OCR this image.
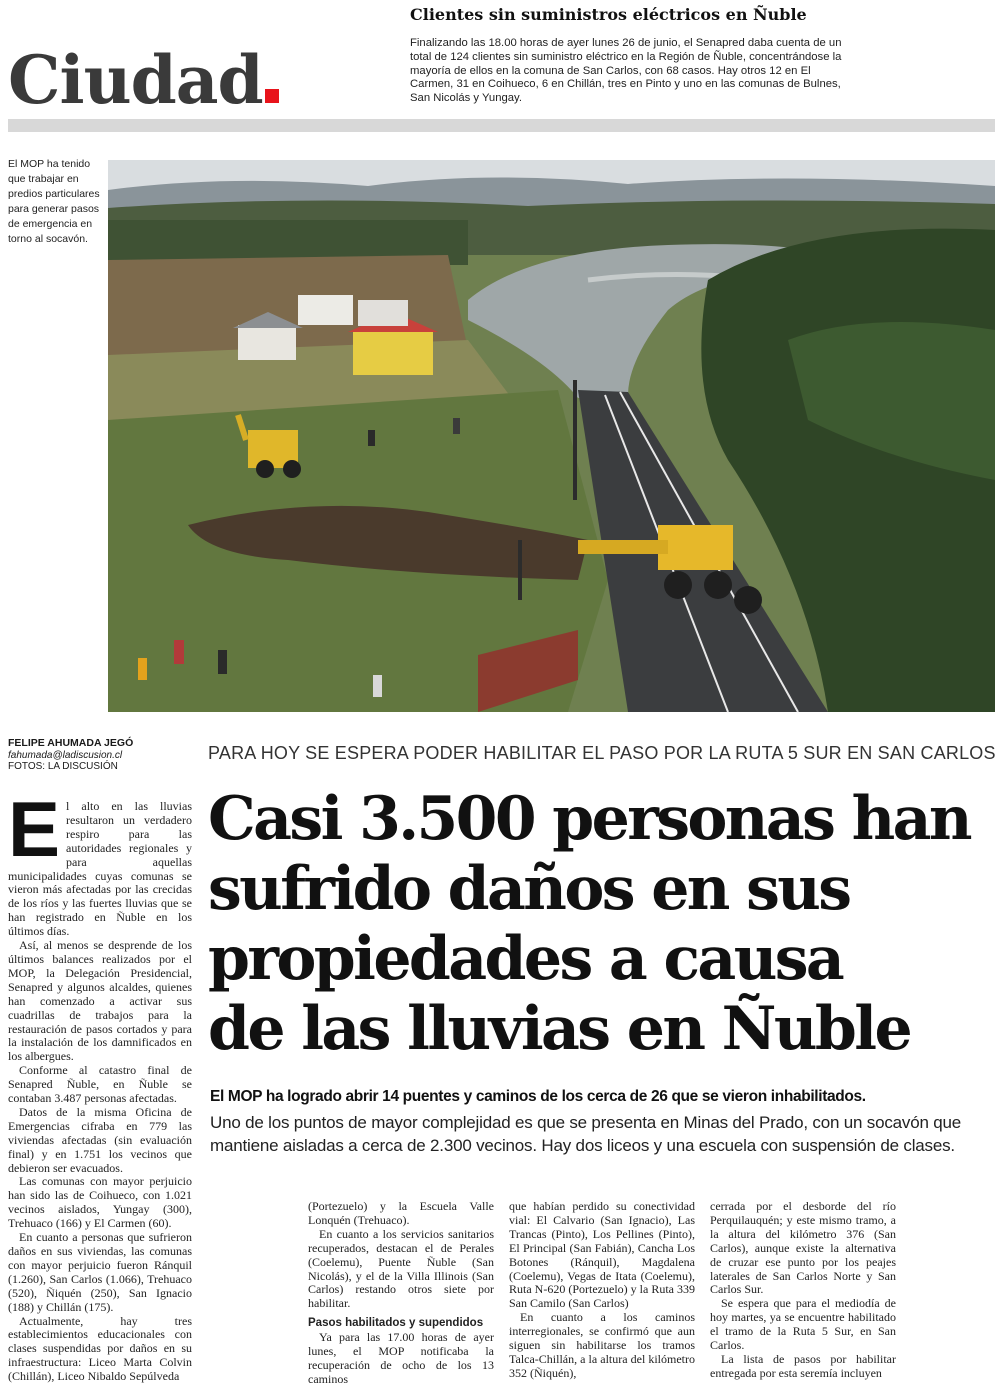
Ciudad
Clientes sin suministros eléctricos en Ñuble
Finalizando las 18.00 horas de ayer lunes 26 de junio, el Senapred daba cuenta de un total de 124 clientes sin suministro eléctrico en la Región de Ñuble, concentrándose la mayoría de ellos en la comuna de San Carlos, con 68 casos. Hay otros 12 en El Carmen, 31 en Coihueco, 6 en Chillán, tres en Pinto y uno en las comunas de Bulnes, San Nicolás y Yungay.
El MOP ha tenido que trabajar en predios particulares para generar pasos de emergencia en torno al socavón.
FELIPE AHUMADA JEGÓ
fahumada@ladiscusion.cl
FOTOS: LA DISCUSIÓN
PARA HOY SE ESPERA PODER HABILITAR EL PASO POR LA RUTA 5 SUR EN SAN CARLOS
Casi 3.500 personas han
sufrido daños en sus
propiedades a causa
de las lluvias en Ñuble
El MOP ha logrado abrir 14 puentes y caminos de los cerca de 26 que se vieron inhabilitados.
Uno de los puntos de mayor complejidad es que se presenta en Minas del Prado, con un socavón que mantiene aisladas a cerca de 2.300 vecinos. Hay dos liceos y una escuela con suspensión de clases.
E l alto en las lluvias resultaron un verdadero respiro para las autoridades regionales y para aquellas municipalidades cuyas comunas se vieron más afectadas por las crecidas de los ríos y las fuertes lluvias que se han registrado en Ñuble en los últimos días.

Así, al menos se desprende de los últimos balances realizados por el MOP, la Delegación Presidencial, Senapred y algunos alcaldes, quienes han comenzado a activar sus cuadrillas de trabajos para la restauración de pasos cortados y para la instalación de los damnificados en los albergues.

Conforme al catastro final de Senapred Ñuble, en Ñuble se contaban 3.487 personas afectadas.

Datos de la misma Oficina de Emergencias cifraba en 779 las viviendas afectadas (sin evaluación final) y en 1.751 los vecinos que debieron ser evacuados.

Las comunas con mayor perjuicio han sido las de Coihueco, con 1.021 vecinos aislados, Yungay (300), Trehuaco (166) y El Carmen (60).

En cuanto a personas que sufrieron daños en sus viviendas, las comunas con mayor perjuicio fueron Ránquil (1.260), San Carlos (1.066), Trehuaco (520), Ñiquén (250), San Ignacio (188) y Chillán (175).

Actualmente, hay tres establecimientos educacionales con clases suspendidas por daños en su infraestructura: Liceo Marta Colvin (Chillán), Liceo Nibaldo Sepúlveda

(Portezuelo) y la Escuela Valle Lonquén (Trehuaco).

En cuanto a los servicios sanitarios recuperados, destacan el de Perales (Coelemu), Puente Ñuble (San Nicolás), y el de la Villa Illinois (San Carlos) restando otros siete por habilitar.

Pasos habilitados y supendidos

Ya para las 17.00 horas de ayer lunes, el MOP notificaba la recuperación de ocho de los 13 caminos

que habían perdido su conectividad vial: El Calvario (San Ignacio), Las Trancas (Pinto), Los Pellines (Pinto), El Principal (San Fabián), Cancha Los Botones (Ránquil), Magdalena (Coelemu), Vegas de Itata (Coelemu), Ruta N-620 (Portezuelo) y la Ruta 339 San Camilo (San Carlos)

En cuanto a los caminos interregionales, se confirmó que aun siguen sin habilitarse los tramos Talca-Chillán, a la altura del kilómetro 352 (Ñiquén),

cerrada por el desborde del río Perquilauquén; y este mismo tramo, a la altura del kilómetro 376 (San Carlos), aunque existe la alternativa de cruzar ese punto por los peajes laterales de San Carlos Norte y San Carlos Sur.

Se espera que para el mediodía de hoy martes, ya se encuentre habilitado el tramo de la Ruta 5 Sur, en San Carlos.

La lista de pasos por habilitar entregada por esta seremía incluyen
